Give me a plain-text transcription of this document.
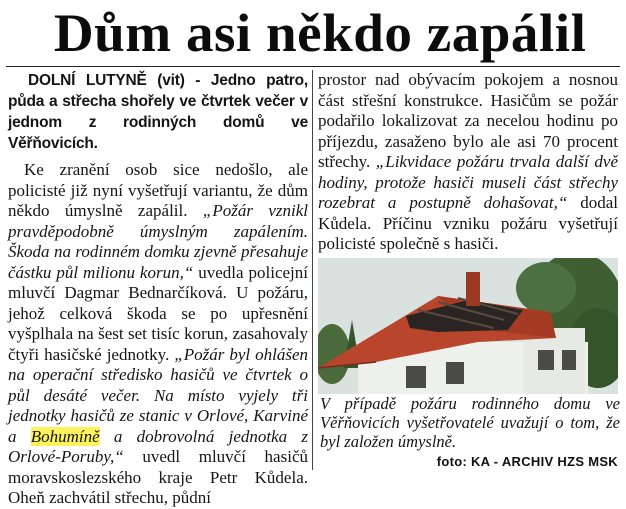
Dům asi někdo zapálil

DOLNÍ LUTYNĚ (vit) - Jedno patro, půda a střecha shořely ve čtvrtek večer v jednom z rodinných domů ve Věřňovicích.

Ke zranění osob sice nedošlo, ale policisté již nyní vyšetřují variantu, že dům někdo úmyslně zapálil. „Požár vznikl pravděpodobně úmyslným zapálením. Škoda na rodinném domku zjevně přesahuje částku půl milionu korun,“ uvedla policejní mluvčí Dagmar Bednarčíková. U požáru, jehož celková škoda se po upřesnění vyšplhala na šest set tisíc korun, zasahovaly čtyři hasičské jednotky. „Požár byl ohlášen na operační středisko hasičů ve čtvrtek o půl desáté večer. Na místo vyjely tři jednotky hasičů ze stanic v Orlové, Karviné a Bohumíně a dobrovolná jednotka z Orlové-Poruby,“ uvedl mluvčí hasičů moravskoslezského kraje Petr Kůdela. Oheň zachvátil střechu, půdní

prostor nad obývacím pokojem a nosnou část střešní konstrukce. Hasičům se požár podařilo lokalizovat za necelou hodinu po příjezdu, zasaženo bylo ale asi 70 procent střechy. „Likvidace požáru trvala další dvě hodiny, protože hasiči museli část střechy rozebrat a postupně dohašovat,“ dodal Kůdela. Příčinu vzniku požáru vyšetřují policisté společně s hasiči.

V případě požáru rodinného domu ve Věřňovicích vyšetřovatelé uvažují o tom, že byl založen úmyslně.
foto: KA - ARCHIV HZS MSK
